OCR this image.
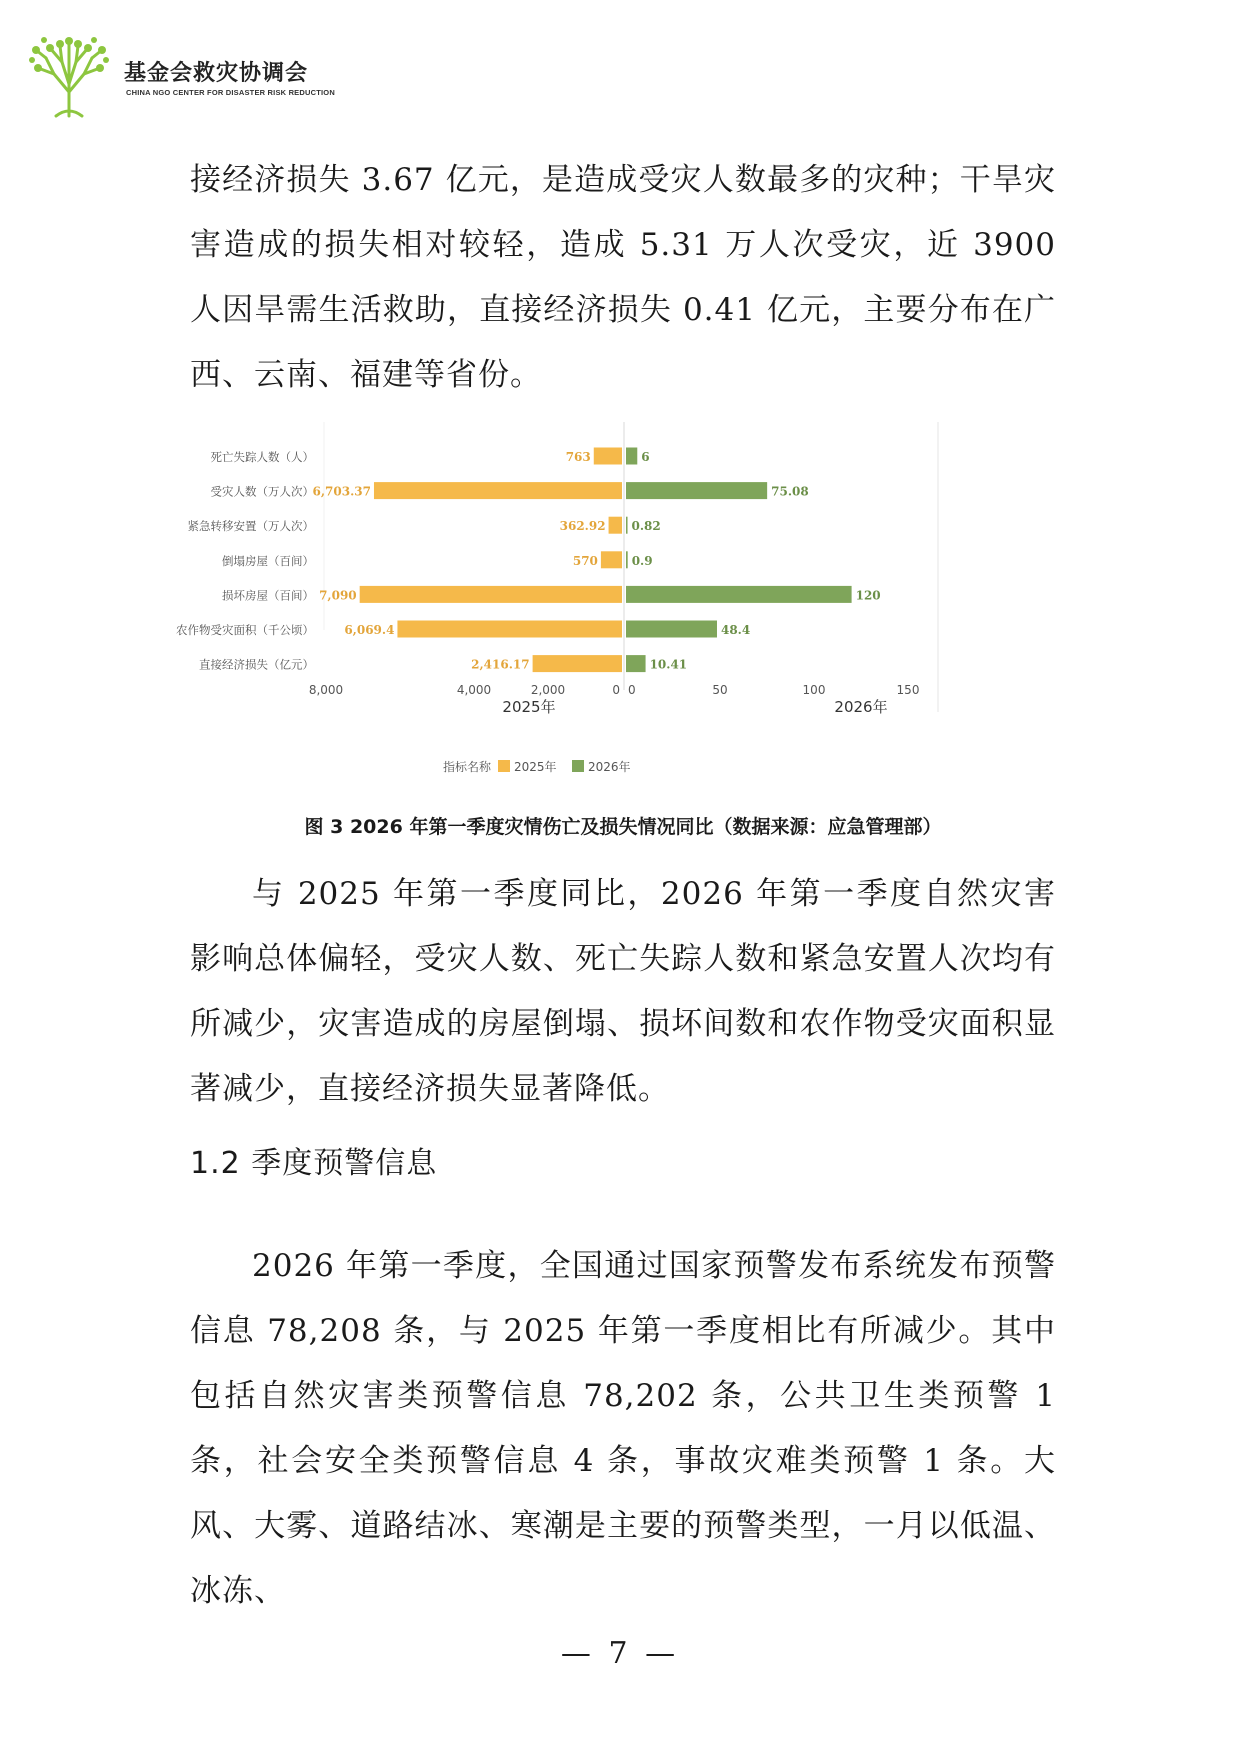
基金会救灾协调会
CHINA NGO CENTER FOR DISASTER RISK REDUCTION

接经济损失 3.67 亿元，是造成受灾人数最多的灾种；干旱灾害造成的损失相对较轻，造成 5.31 万人次受灾，近 3900 人因旱需生活救助，直接经济损失 0.41 亿元，主要分布在广西、云南、福建等省份。

死亡失踪人数（人）	763	6
受灾人数（万人次）
6,703.37	75.08
紧急转移安置（万人次）	362.92 0.82
倒塌房屋（百间）	570	0.9
损坏房屋（百间） 7,090	120
农作物受灾面积（千公顷）	6,069.4	48.4
直接经济损失（亿元）	2,416.17	10.41
8,000	4,000	2,000	0 0	50	100	150
2025年	2026年
指标名称 2025年	2026年
图 3 2026 年第一季度灾情伤亡及损失情况同比（数据来源：应急管理部）

与 2025 年第一季度同比，2026 年第一季度自然灾害影响总体偏轻，受灾人数、死亡失踪人数和紧急安置人次均有所减少，灾害造成的房屋倒塌、损坏间数和农作物受灾面积显著减少，直接经济损失显著降低。

1.2 季度预警信息

2026 年第一季度，全国通过国家预警发布系统发布预警信息 78,208 条，与 2025 年第一季度相比有所减少。其中包括自然灾害类预警信息 78,202 条，公共卫生类预警 1 条，社会安全类预警信息 4 条，事故灾难类预警 1 条。大风、大雾、道路结冰、寒潮是主要的预警类型，一月以低温、冰冻、

— 7 —
